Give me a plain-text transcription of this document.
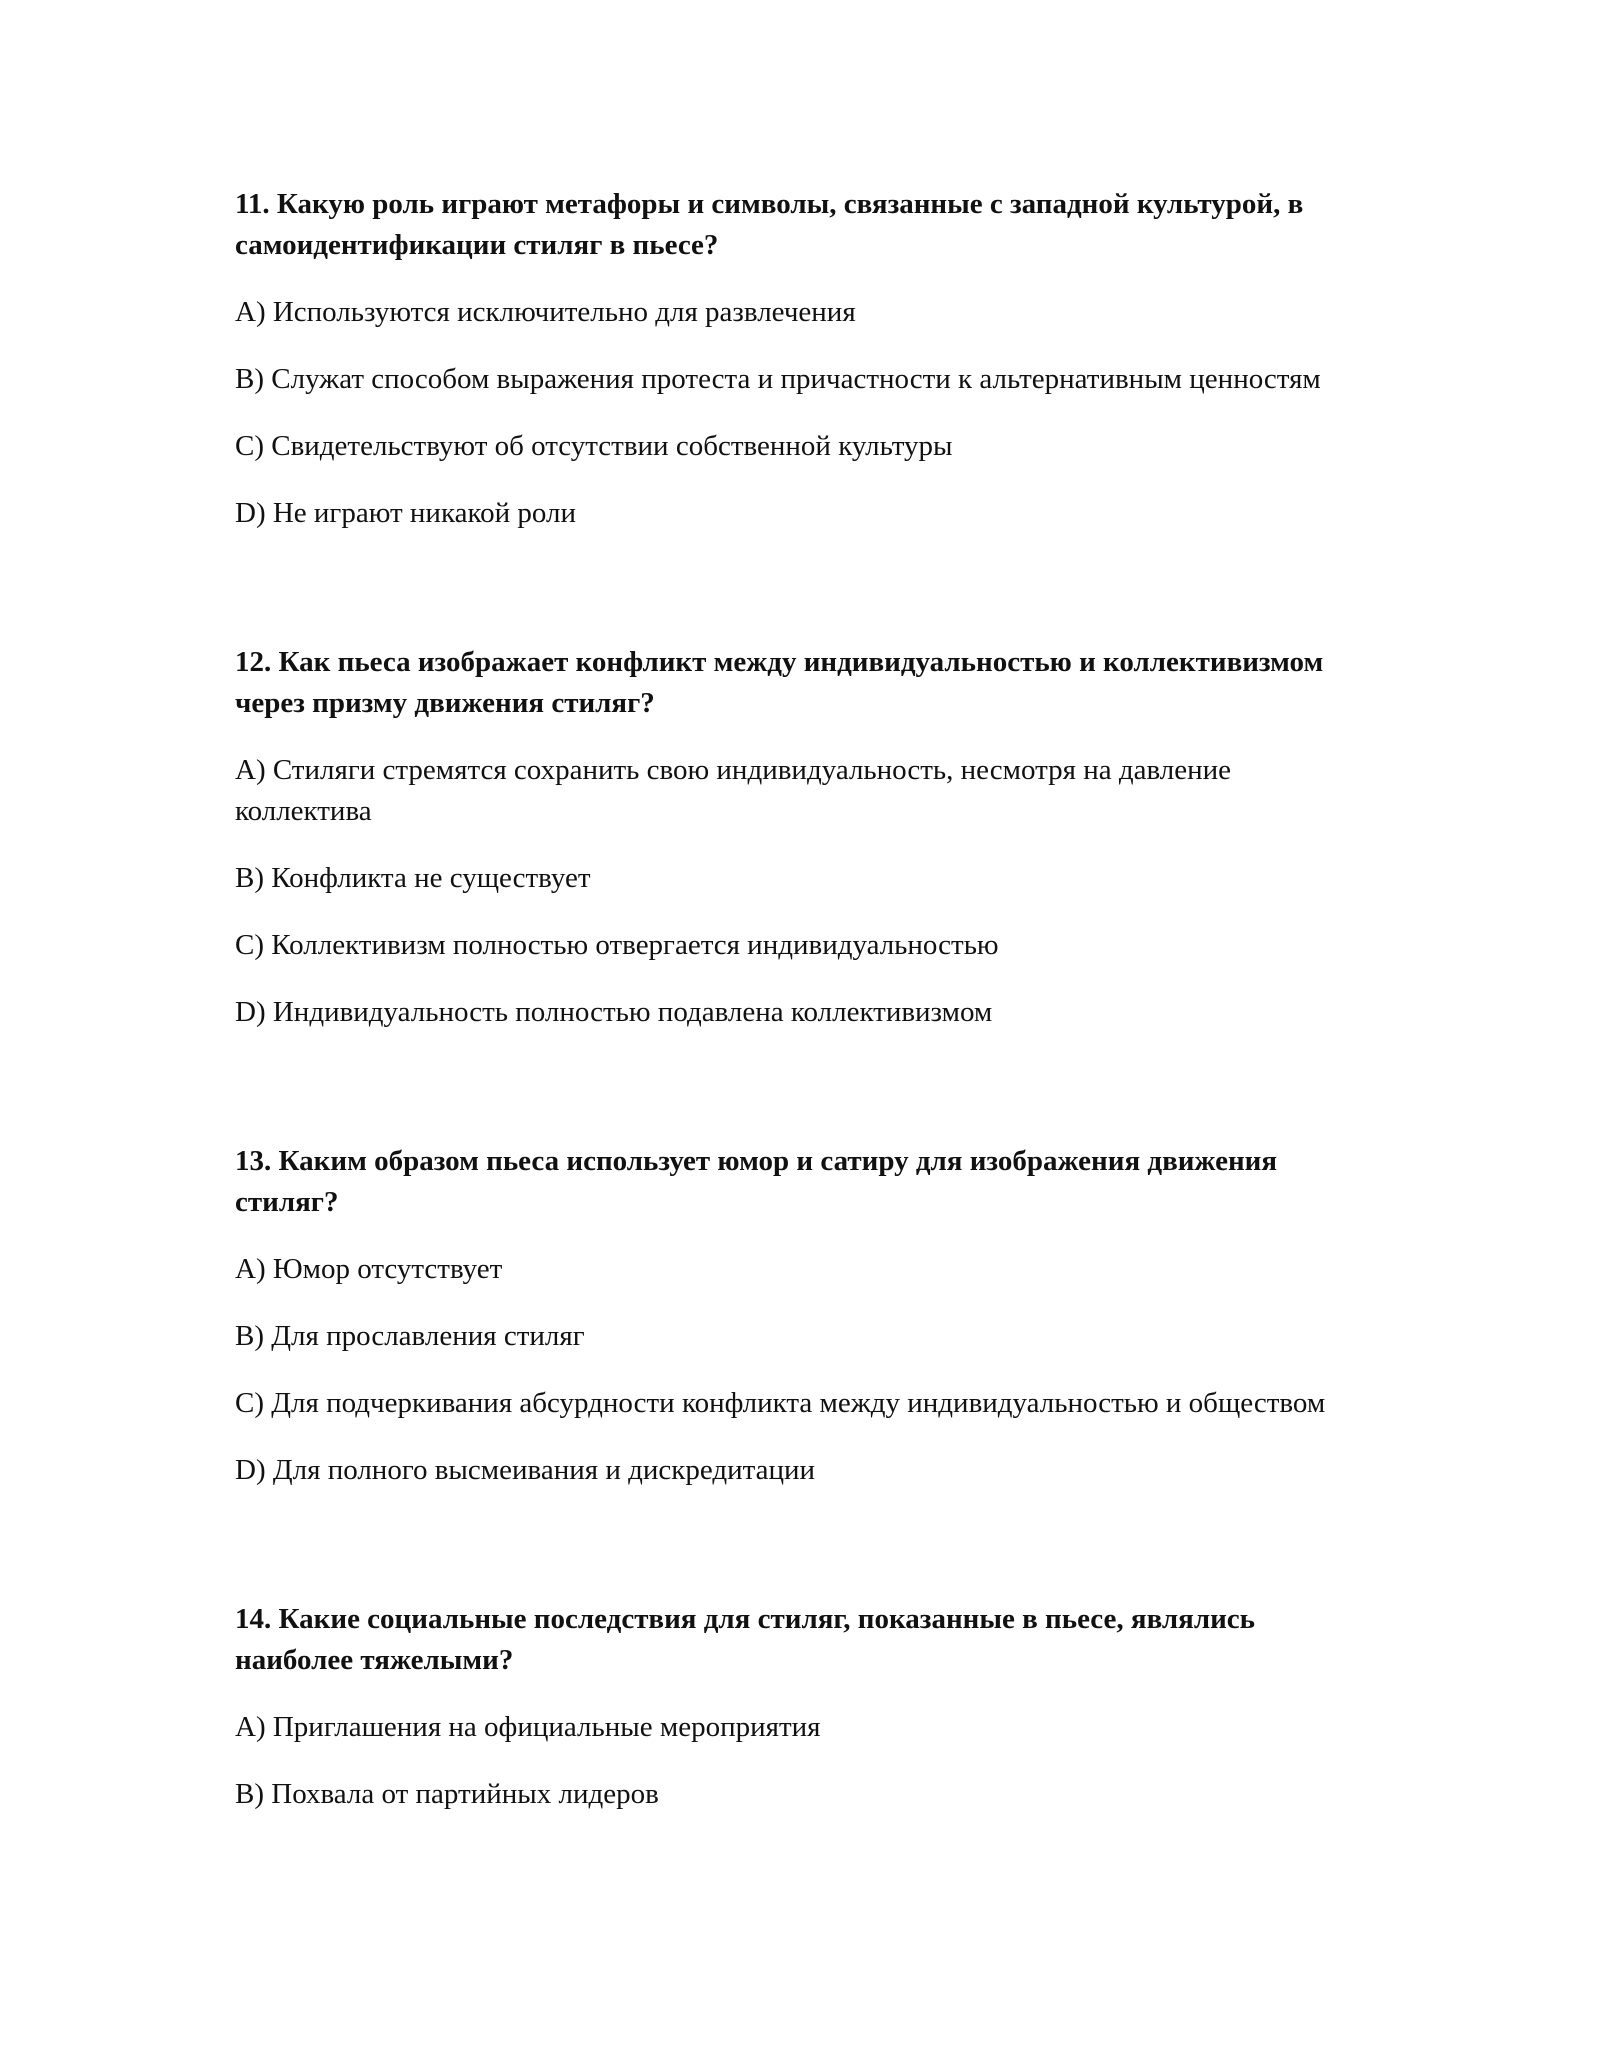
11. Какую роль играют метафоры и символы, связанные с западной культурой, в самоидентификации стиляг в пьесе?
A) Используются исключительно для развлечения
B) Служат способом выражения протеста и причастности к альтернативным ценностям
C) Свидетельствуют об отсутствии собственной культуры
D) Не играют никакой роли
12. Как пьеса изображает конфликт между индивидуальностью и коллективизмом через призму движения стиляг?
A) Стиляги стремятся сохранить свою индивидуальность, несмотря на давление коллектива
B) Конфликта не существует
C) Коллективизм полностью отвергается индивидуальностью
D) Индивидуальность полностью подавлена коллективизмом
13. Каким образом пьеса использует юмор и сатиру для изображения движения стиляг?
A) Юмор отсутствует
B) Для прославления стиляг
C) Для подчеркивания абсурдности конфликта между индивидуальностью и обществом
D) Для полного высмеивания и дискредитации
14. Какие социальные последствия для стиляг, показанные в пьесе, являлись наиболее тяжелыми?
A) Приглашения на официальные мероприятия
B) Похвала от партийных лидеров
